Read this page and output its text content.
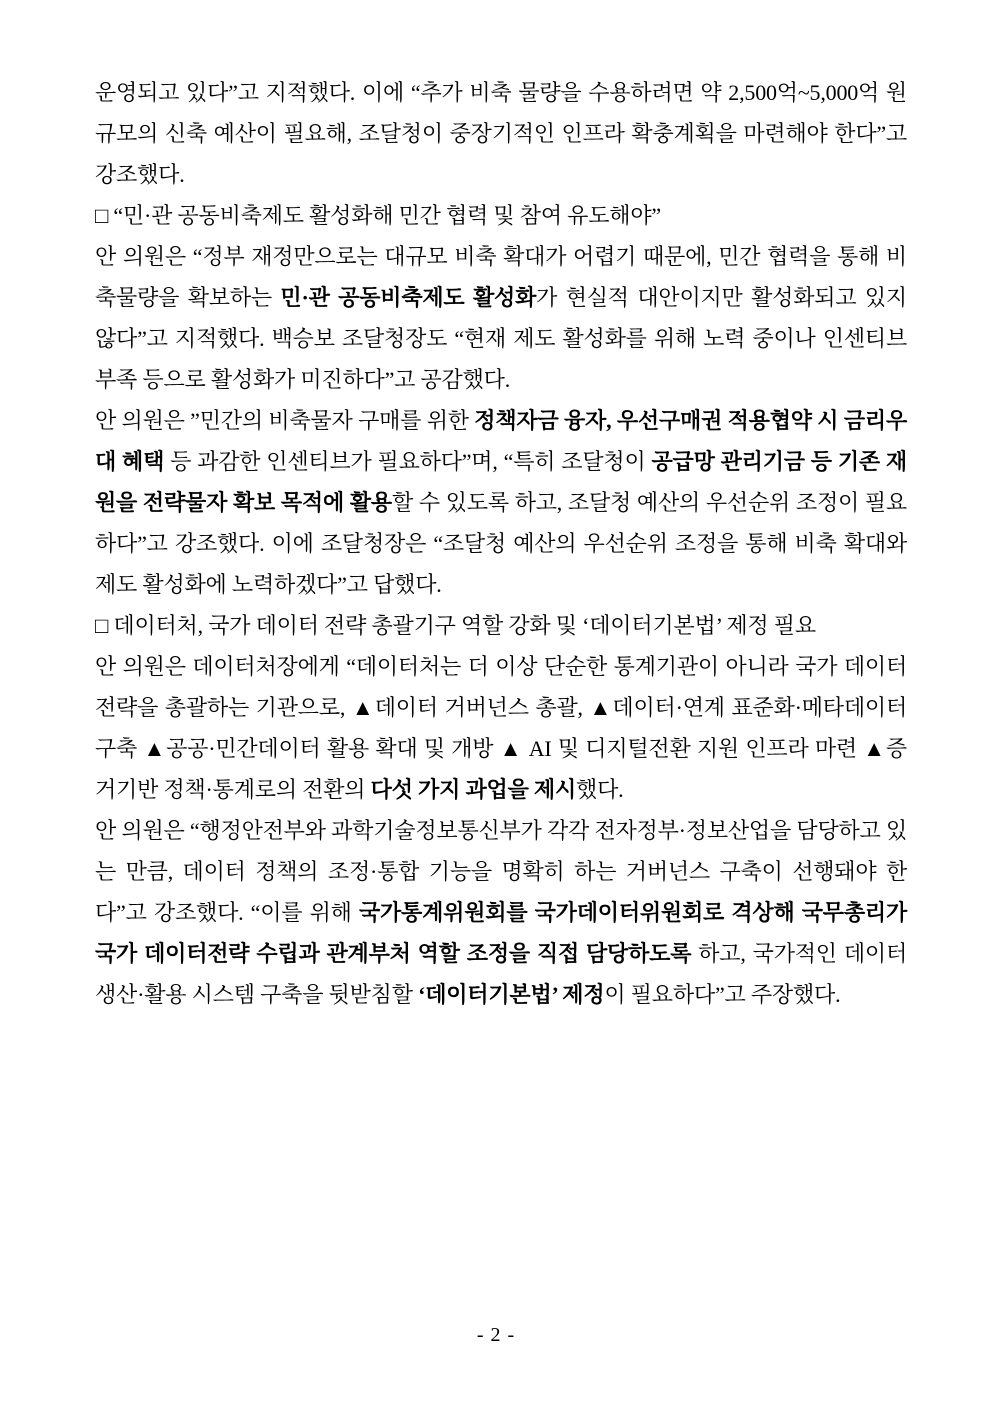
운영되고 있다”고 지적했다. 이에 “추가 비축 물량을 수용하려면 약 2,500억~5,000억 원 규모의 신축 예산이 필요해, 조달청이 중장기적인 인프라 확충계획을 마련해야 한다”고 강조했다.

□ “민·관 공동비축제도 활성화해 민간 협력 및 참여 유도해야”

안 의원은 “정부 재정만으로는 대규모 비축 확대가 어렵기 때문에, 민간 협력을 통해 비축물량을 확보하는 민·관 공동비축제도 활성화가 현실적 대안이지만 활성화되고 있지 않다”고 지적했다. 백승보 조달청장도 “현재 제도 활성화를 위해 노력 중이나 인센티브 부족 등으로 활성화가 미진하다”고 공감했다.

안 의원은 ”민간의 비축물자 구매를 위한 정책자금 융자, 우선구매권 적용협약 시 금리우대 혜택 등 과감한 인센티브가 필요하다”며, “특히 조달청이 공급망 관리기금 등 기존 재원을 전략물자 확보 목적에 활용할 수 있도록 하고, 조달청 예산의 우선순위 조정이 필요하다”고 강조했다. 이에 조달청장은 “조달청 예산의 우선순위 조정을 통해 비축 확대와 제도 활성화에 노력하겠다”고 답했다.

□ 데이터처, 국가 데이터 전략 총괄기구 역할 강화 및 ‘데이터기본법’ 제정 필요

안 의원은 데이터처장에게 “데이터처는 더 이상 단순한 통계기관이 아니라 국가 데이터 전략을 총괄하는 기관으로, ▲데이터 거버넌스 총괄, ▲데이터·연계 표준화·메타데이터 구축 ▲공공·민간데이터 활용 확대 및 개방 ▲ AI 및 디지털전환 지원 인프라 마련 ▲증거기반 정책·통계로의 전환의 다섯 가지 과업을 제시했다.

안 의원은 “행정안전부와 과학기술정보통신부가 각각 전자정부·정보산업을 담당하고 있는 만큼, 데이터 정책의 조정·통합 기능을 명확히 하는 거버넌스 구축이 선행돼야 한다”고 강조했다. “이를 위해 국가통계위원회를 국가데이터위원회로 격상해 국무총리가 국가 데이터전략 수립과 관계부처 역할 조정을 직접 담당하도록 하고, 국가적인 데이터 생산·활용 시스템 구축을 뒷받침할 ‘데이터기본법’ 제정이 필요하다”고 주장했다.

- 2 -
